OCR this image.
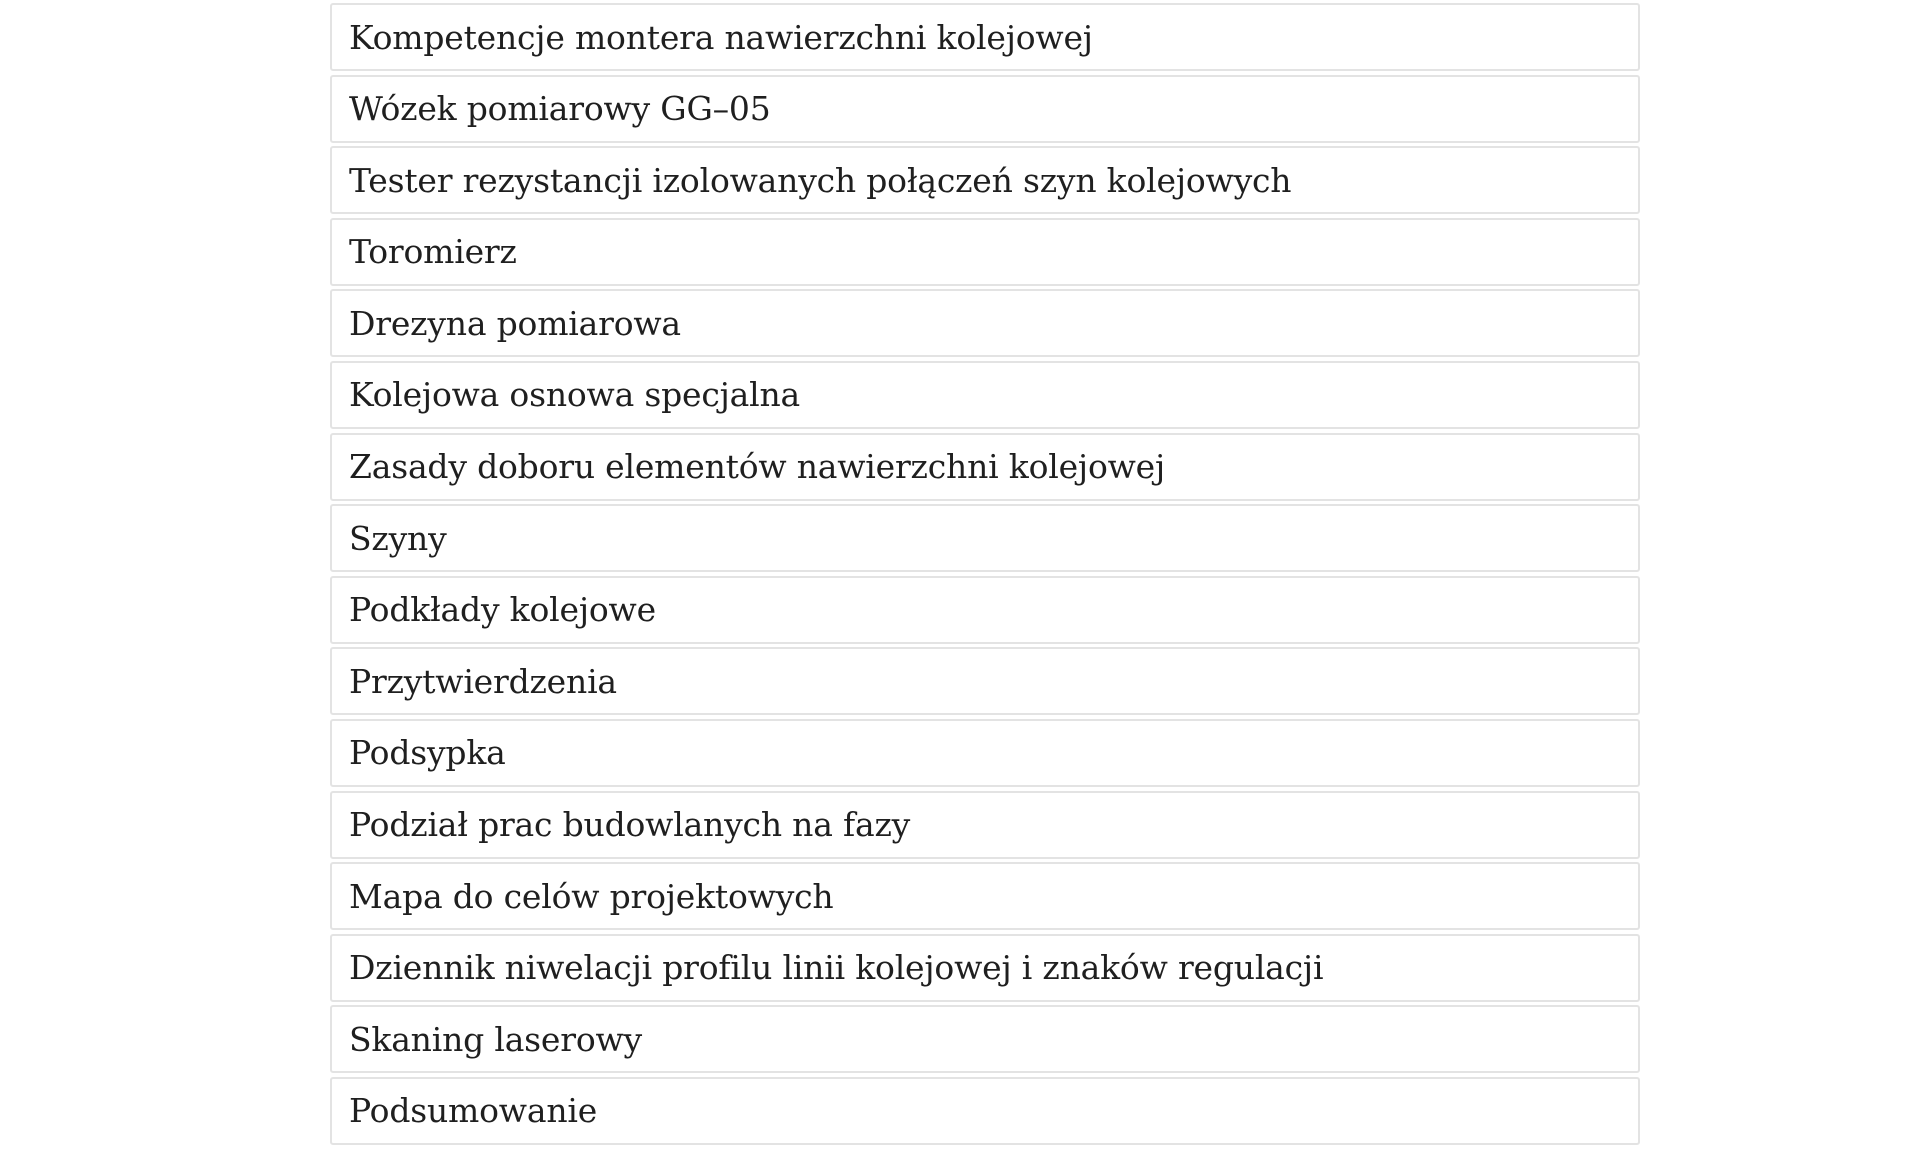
Kompetencje montera nawierzchni kolejowej
Wózek pomiarowy GG–05
Tester rezystancji izolowanych połączeń szyn kolejowych
Toromierz
Drezyna pomiarowa
Kolejowa osnowa specjalna
Zasady doboru elementów nawierzchni kolejowej
Szyny
Podkłady kolejowe
Przytwierdzenia
Podsypka
Podział prac budowlanych na fazy
Mapa do celów projektowych
Dziennik niwelacji profilu linii kolejowej i znaków regulacji
Skaning laserowy
Podsumowanie
